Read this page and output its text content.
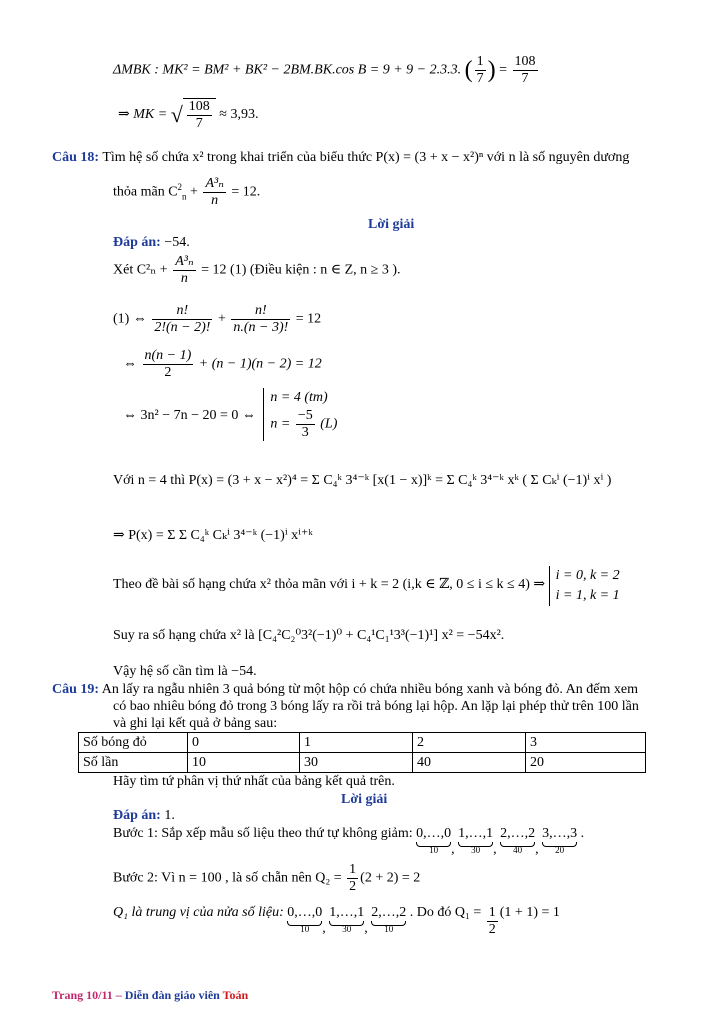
ΔMBK : MK² = BM² + BK² − 2BM.BK.cos B = 9 + 9 − 2.3.3. ( $\frac{1}{7}$ ) = $\frac{108}{7}$
⇒ MK = √ $\frac{108}{7} \approx 3,93$.
Câu 18: Tìm hệ số chứa x² trong khai triển của biểu thức P(x) = (3 + x − x²)ⁿ với n là số nguyên dương
thỏa mãn $C^2_n + \frac{\text{A³ₙ}}{n} = 12$.
Lời giải
Đáp án: −54.
Xét $C^2_n + \frac{\text{A³ₙ}}{n} = 12$ (1) (Điều kiện : n ∈ Z, n ≥ 3 ).
(1) ⇔ $\frac{n!}{2!(n - 2)!} + \frac{n!}{n.(n - 3)!} = 12$
⇔ $\frac{n(n - 1)}{2} + (n - 1)(n - 2) = 12$
⇔ 3n² − 7n − 20 = 0 ⇔
n = 4 (tm)
$n = \frac{-5}{3} (L)$
Với n = 4 thì P(x) = (3 + x − x²)⁴ = Σ C₄ᵏ 3⁴⁻ᵏ [x(1 − x)]ᵏ = Σ C₄ᵏ 3⁴⁻ᵏ xᵏ ( Σ Cₖⁱ (−1)ⁱ xⁱ )
⇒ P(x) = Σ Σ C₄ᵏ Cₖⁱ 3⁴⁻ᵏ (−1)ⁱ xⁱ⁺ᵏ
Theo đề bài số hạng chứa x² thỏa mãn với i + k = 2 (i,k ∈ ℤ, 0 ≤ i ≤ k ≤ 4) ⇒
i = 0, k = 2
i = 1, k = 1
Suy ra số hạng chứa x² là [C₄²C₂⁰3²(−1)⁰ + C₄¹C₁¹3³(−1)¹] x² = −54x².
Vậy hệ số cần tìm là −54.
Câu 19: An lấy ra ngẫu nhiên 3 quả bóng từ một hộp có chứa nhiều bóng xanh và bóng đỏ. An đếm xem
có bao nhiêu bóng đỏ trong 3 bóng lấy ra rồi trả bóng lại hộp. An lặp lại phép thử trên 100 lần
và ghi lại kết quả ở bảng sau:
Số bóng đỏ	0	1	2	3
Số lần	10	30	40	20
Hãy tìm tứ phân vị thứ nhất của bảng kết quả trên.
Lời giải
Đáp án: 1.
Bước 1: Sắp xếp mẫu số liệu theo thứ tự không giảm: 0,…,0
10 , 1,…,1
30 , 2,…,2
40 , 3,…,3
20
.
Bước 2: Vì n = 100 , là số chẵn nên $Q_2 = \frac{1}{2} (2 + 2) = 2$
Q₁ là trung vị của nửa số liệu: 0,…,0
10 , 1,…,1
30 , 2,…,2
10
. Do đó $Q_1 = \frac{1}{2} (1 + 1) = 1$
Trang 10/11 – Diễn đàn giáo viên Toán
